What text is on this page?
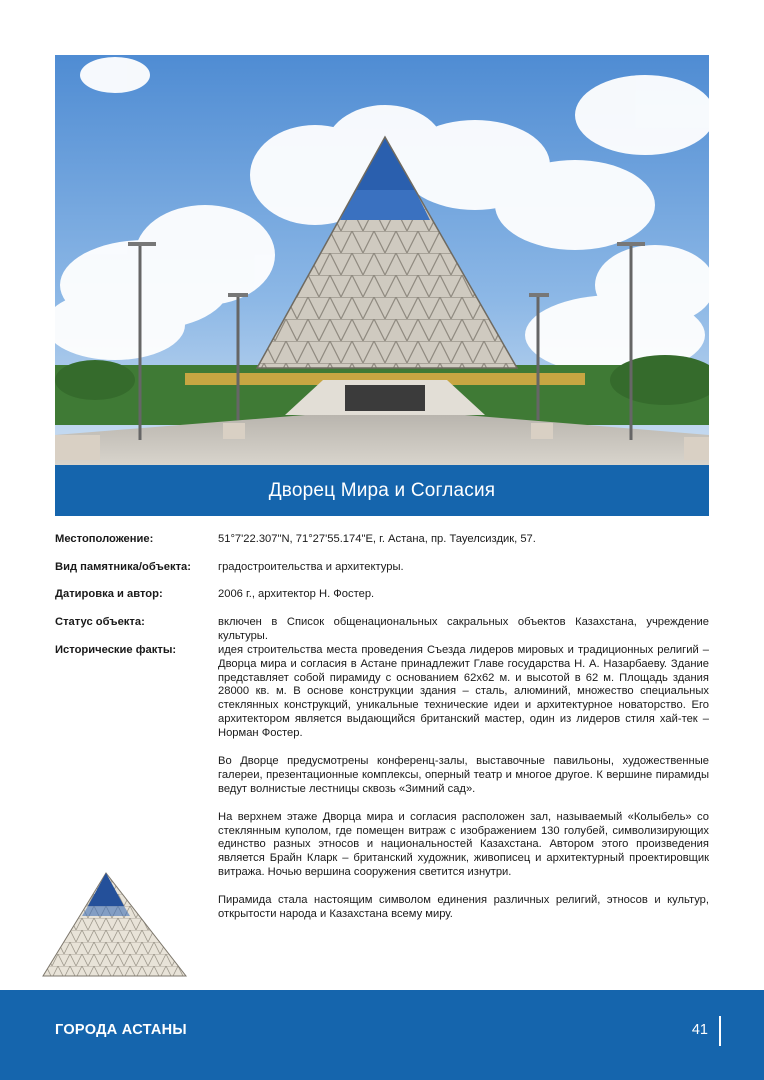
Дворец Мира и Согласия
Местоположение:	51°7'22.307"N, 71°27'55.174"E, г. Астана, пр. Тауелсиздик, 57.
Вид памятника/объекта:	градостроительства и архитектуры.
Датировка и автор:	2006 г., архитектор Н. Фостер.
Статус объекта:	включен в Список общенациональных сакральных объектов Казахстана, учреждение культуры.
Исторические факты:	идея строительства места проведения Съезда лидеров мировых и традиционных религий – Дворца мира и согласия в Астане принадлежит Главе государства Н. А. Назарбаеву. Здание представляет собой пирамиду с основанием 62х62 м. и высотой в 62 м. Площадь здания 28000 кв. м. В основе конструкции здания – сталь, алюминий, множество специальных стеклянных конструкций, уникальные технические идеи и архитектурное новаторство. Его архитектором является выдающийся британский мастер, один из лидеров стиля хай-тек – Норман Фостер.

Во Дворце предусмотрены конференц-залы, выставочные павильоны, художественные галереи, презентационные комплексы, оперный театр и многое другое. К вершине пирамиды ведут волнистые лестницы сквозь «Зимний сад».

На верхнем этаже Дворца мира и согласия расположен зал, называемый «Колыбель» со стеклянным куполом, где помещен витраж с изображением 130 голубей, символизирующих единство разных этносов и национальностей Казахстана. Автором этого произведения является Брайн Кларк – британский художник, живописец и архитектурный проектировщик витража. Ночью вершина сооружения светится изнутри.

Пирамида стала настоящим символом единения различных религий, этносов и культур, открытости народа и Казахстана всему миру.

ГОРОДА АСТАНЫ	41
